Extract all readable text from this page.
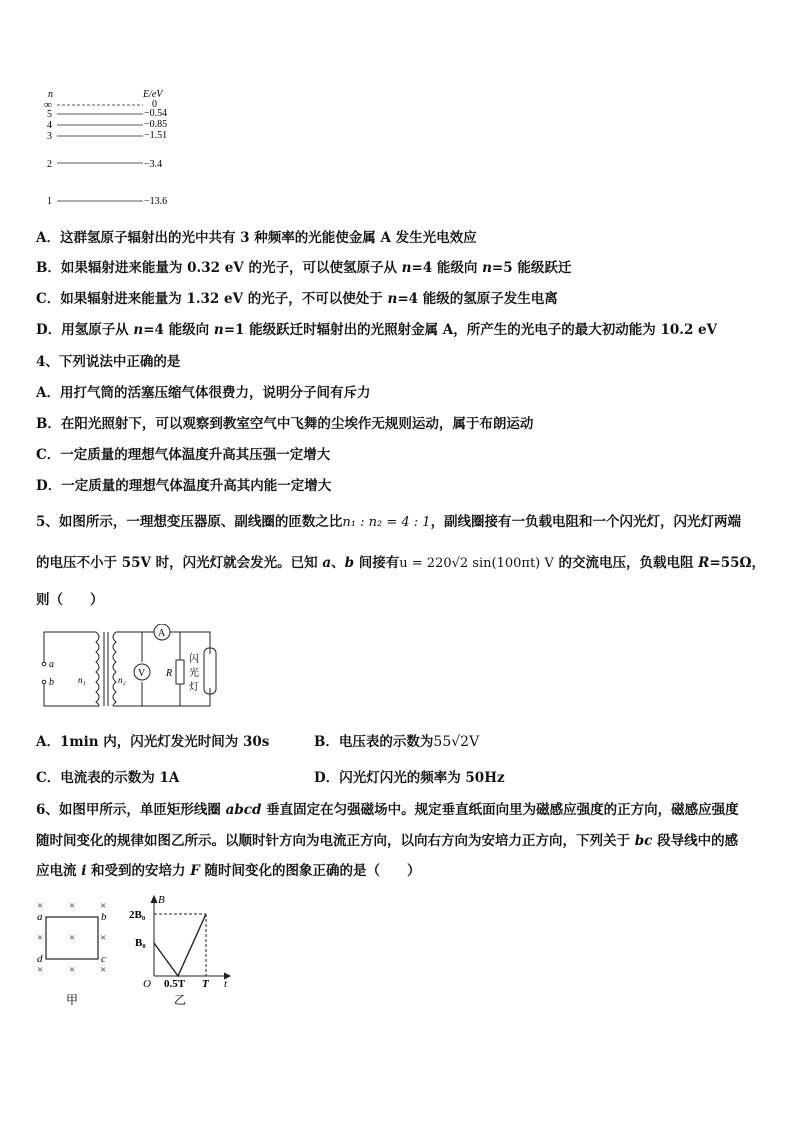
n	E/eV
∞	0
5	−0.54
4	−0.85
3	−1.51
2	−3.4
1	−13.6
A．这群氢原子辐射出的光中共有 3 种频率的光能使金属 A 发生光电效应
B．如果辐射进来能量为 0.32 eV 的光子，可以使氢原子从 n=4 能级向 n=5 能级跃迁
C．如果辐射进来能量为 1.32 eV 的光子，不可以使处于 n=4 能级的氢原子发生电离
D．用氢原子从 n=4 能级向 n=1 能级跃迁时辐射出的光照射金属 A，所产生的光电子的最大初动能为 10.2 eV
4、下列说法中正确的是
A．用打气筒的活塞压缩气体很费力，说明分子间有斥力
B．在阳光照射下，可以观察到教室空气中飞舞的尘埃作无规则运动，属于布朗运动
C．一定质量的理想气体温度升高其压强一定增大
D．一定质量的理想气体温度升高其内能一定增大
5、如图所示，一理想变压器原、副线圈的匝数之比n₁ : n₂ = 4 : 1，副线圈接有一负载电阻和一个闪光灯，闪光灯两端
的电压不小于 55V 时，闪光灯就会发光。已知 a、b 间接有u = 220√2 sin(100πt) V 的交流电压，负载电阻 R=55Ω，
则（　　）
a
b	n₁	n₂
A
V R
闪
光
灯
A．1min 内，闪光灯发光时间为 30s	B．电压表的示数为55√2V
C．电流表的示数为 1A	D．闪光灯闪光的频率为 50Hz
6、如图甲所示，单匝矩形线圈 abcd 垂直固定在匀强磁场中。规定垂直纸面向里为磁感应强度的正方向，磁感应强度
随时间变化的规律如图乙所示。以顺时针方向为电流正方向，以向右方向为安培力正方向，下列关于 bc 段导线中的感
应电流 i 和受到的安培力 F 随时间变化的图象正确的是（　　）
× × ×
× × ×
× × ×
a	b
c
d
甲
B
2B₀
B₀
O 0.5T T t
乙
